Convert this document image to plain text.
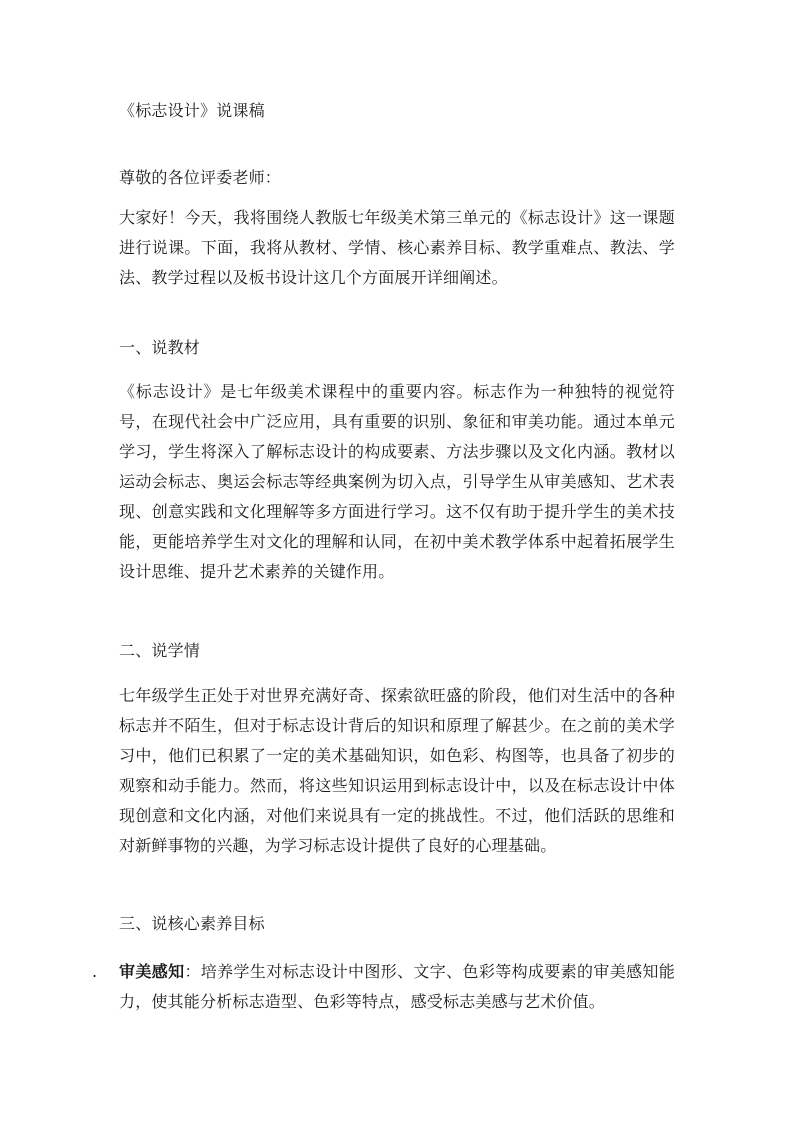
《标志设计》说课稿
尊敬的各位评委老师：
大家好！今天，我将围绕人教版七年级美术第三单元的《标志设计》这一课题进行说课。下面，我将从教材、学情、核心素养目标、教学重难点、教法、学法、教学过程以及板书设计这几个方面展开详细阐述。
一、说教材
《标志设计》是七年级美术课程中的重要内容。标志作为一种独特的视觉符号，在现代社会中广泛应用，具有重要的识别、象征和审美功能。通过本单元学习，学生将深入了解标志设计的构成要素、方法步骤以及文化内涵。教材以运动会标志、奥运会标志等经典案例为切入点，引导学生从审美感知、艺术表现、创意实践和文化理解等多方面进行学习。这不仅有助于提升学生的美术技能，更能培养学生对文化的理解和认同，在初中美术教学体系中起着拓展学生设计思维、提升艺术素养的关键作用。
二、说学情
七年级学生正处于对世界充满好奇、探索欲旺盛的阶段，他们对生活中的各种标志并不陌生，但对于标志设计背后的知识和原理了解甚少。在之前的美术学习中，他们已积累了一定的美术基础知识，如色彩、构图等，也具备了初步的观察和动手能力。然而，将这些知识运用到标志设计中，以及在标志设计中体现创意和文化内涵，对他们来说具有一定的挑战性。不过，他们活跃的思维和对新鲜事物的兴趣，为学习标志设计提供了良好的心理基础。
三、说核心素养目标
. 审美感知：培养学生对标志设计中图形、文字、色彩等构成要素的审美感知能力，使其能分析标志造型、色彩等特点，感受标志美感与艺术价值。
